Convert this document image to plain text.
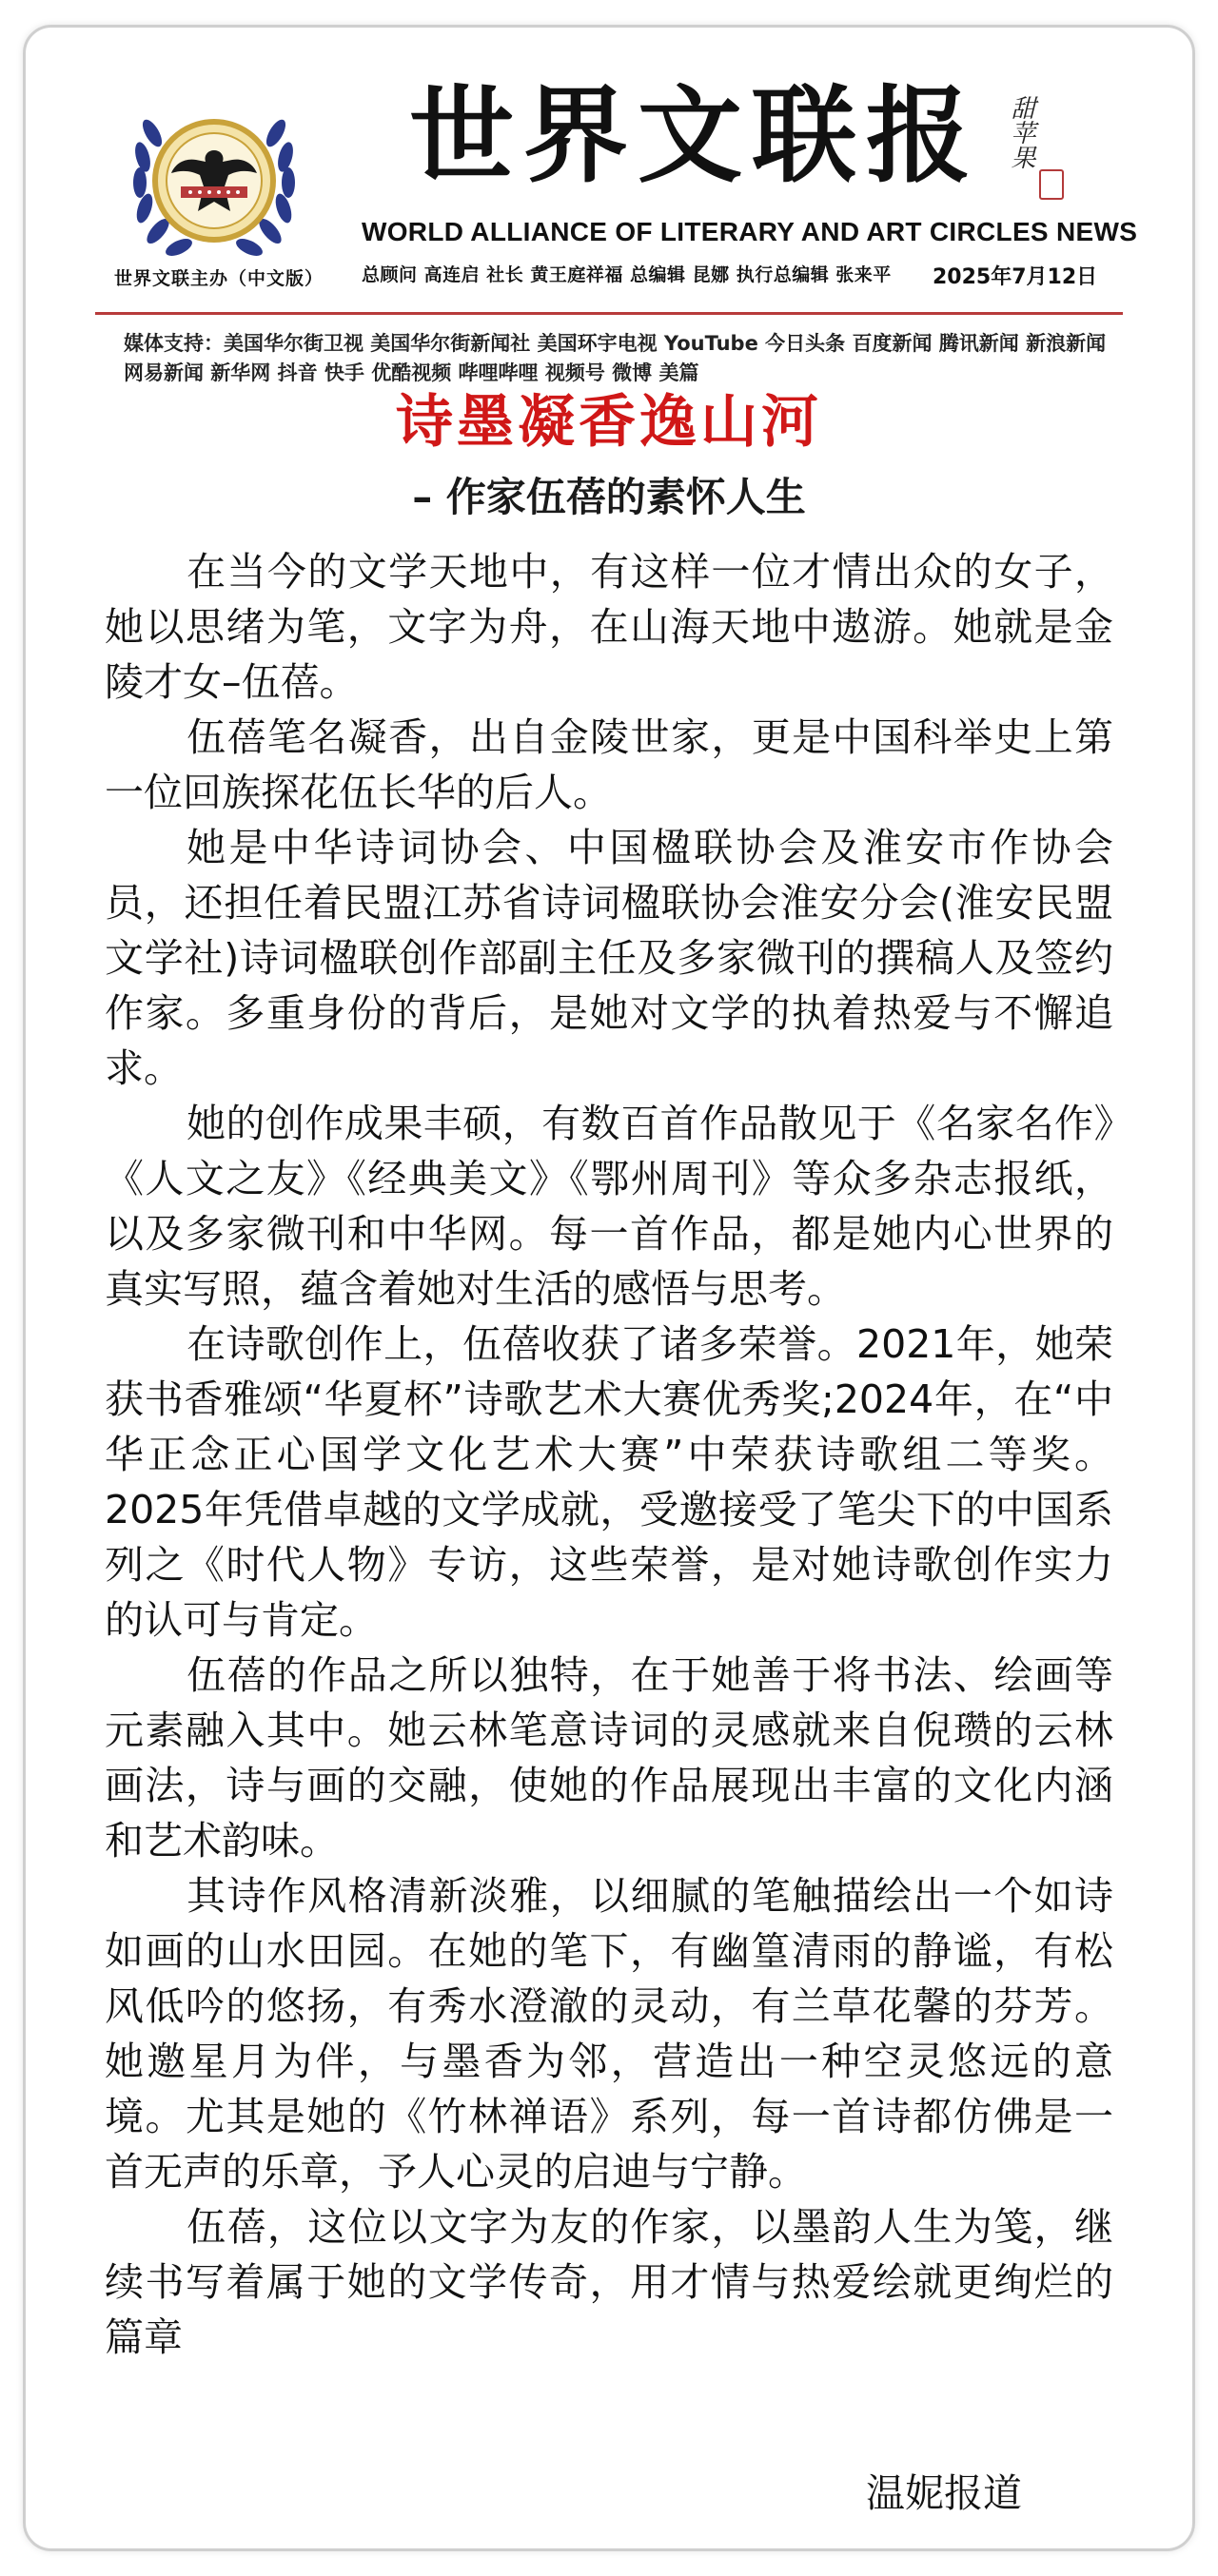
世界文联主办（中文版）
世界文联报	甜苹果
WORLD ALLIANCE OF LITERARY AND ART CIRCLES NEWS
总顾问 高连启 社长 黄王庭祥福 总编辑 昆娜 执行总编辑 张来平 2025年7月12日
媒体支持：美国华尔街卫视 美国华尔街新闻社 美国环宇电视 YouTube 今日头条 百度新闻 腾讯新闻 新浪新闻 网易新闻 新华网 抖音 快手 优酷视频 哔哩哔哩 视频号 微博 美篇
诗墨凝香逸山河
– 作家伍蓓的素怀人生

在当今的文学天地中，有这样一位才情出众的女子，她以思绪为笔，文字为舟，在山海天地中遨游。她就是金陵才女–伍蓓。

伍蓓笔名凝香，出自金陵世家，更是中国科举史上第一位回族探花伍长华的后人。

她是中华诗词协会、中国楹联协会及淮安市作协会员，还担任着民盟江苏省诗词楹联协会淮安分会(淮安民盟文学社)诗词楹联创作部副主任及多家微刊的撰稿人及签约作家。多重身份的背后，是她对文学的执着热爱与不懈追求。

她的创作成果丰硕，有数百首作品散见于《名家名作》《人文之友》《经典美文》《鄂州周刊》等众多杂志报纸，以及多家微刊和中华网。每一首作品，都是她内心世界的真实写照，蕴含着她对生活的感悟与思考。

在诗歌创作上，伍蓓收获了诸多荣誉。2021年，她荣获书香雅颂“华夏杯”诗歌艺术大赛优秀奖;2024年，在“中华正念正心国学文化艺术大赛”中荣获诗歌组二等奖。2025年凭借卓越的文学成就，受邀接受了笔尖下的中国系列之《时代人物》专访，这些荣誉，是对她诗歌创作实力的认可与肯定。

伍蓓的作品之所以独特，在于她善于将书法、绘画等元素融入其中。她云林笔意诗词的灵感就来自倪瓒的云林画法，诗与画的交融，使她的作品展现出丰富的文化内涵和艺术韵味。

其诗作风格清新淡雅，以细腻的笔触描绘出一个如诗如画的山水田园。在她的笔下，有幽篁清雨的静谧，有松风低吟的悠扬，有秀水澄澈的灵动，有兰草花馨的芬芳。她邀星月为伴，与墨香为邻，营造出一种空灵悠远的意境。尤其是她的《竹林禅语》系列，每一首诗都仿佛是一首无声的乐章，予人心灵的启迪与宁静。

伍蓓，这位以文字为友的作家，以墨韵人生为笺，继续书写着属于她的文学传奇，用才情与热爱绘就更绚烂的篇章

温妮报道
